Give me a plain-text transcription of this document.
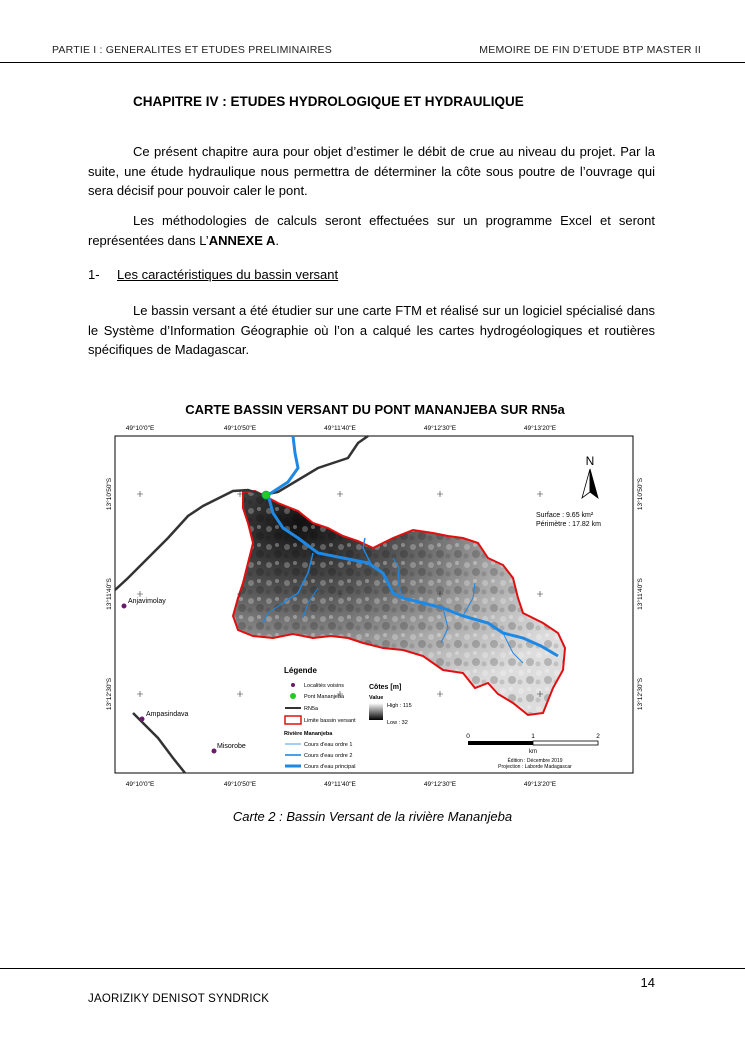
PARTIE I : GENERALITES ET ETUDES PRELIMINAIRES	MEMOIRE DE FIN D’ETUDE BTP MASTER II
CHAPITRE IV : ETUDES HYDROLOGIQUE ET HYDRAULIQUE
Ce présent chapitre aura pour objet d’estimer le débit de crue au niveau du projet. Par la suite, une étude hydraulique nous permettra de déterminer la côte sous poutre de l’ouvrage qui sera décisif pour pouvoir caler le pont.
Les méthodologies de calculs seront effectuées sur un programme Excel et seront représentées dans L’ANNEXE A.
1- Les caractéristiques du bassin versant
Le bassin versant a été étudier sur une carte FTM et réalisé sur un logiciel spécialisé dans le Système d’Information Géographie où l’on a calqué les cartes hydrogéologiques et routières spécifiques de Madagascar.
CARTE BASSIN VERSANT DU PONT MANANJEBA SUR RN5a
49°10'0"E	49°10'50"E	49°11'40"E	49°12'30"E	49°13'20"E
49°10'0"E	49°10'50"E	49°11'40"E	49°12'30"E	49°13'20"E
13°10'50"S
13°11'40"S
13°12'30"S
13°10'50"S
13°11'40"S
13°12'30"S
Anjavimolay
Ampasindava
Misorobe
N
Surface : 9.65 km²
Périmètre : 17.82 km
Légende
Localités voisins
Pont Mananjeba
RN5a
Limite bassin versant
Rivière Mananjeba
Cours d'eau ordre 1
Cours d'eau ordre 2
Cours d'eau principal
Côtes [m]
Value
High : 115
Low : 32
0	1	2
km
Édition : Décembre 2019
Projection : Laborde Madagascar
Carte 2 : Bassin Versant de la rivière Mananjeba
14
JAORIZIKY DENISOT SYNDRICK
